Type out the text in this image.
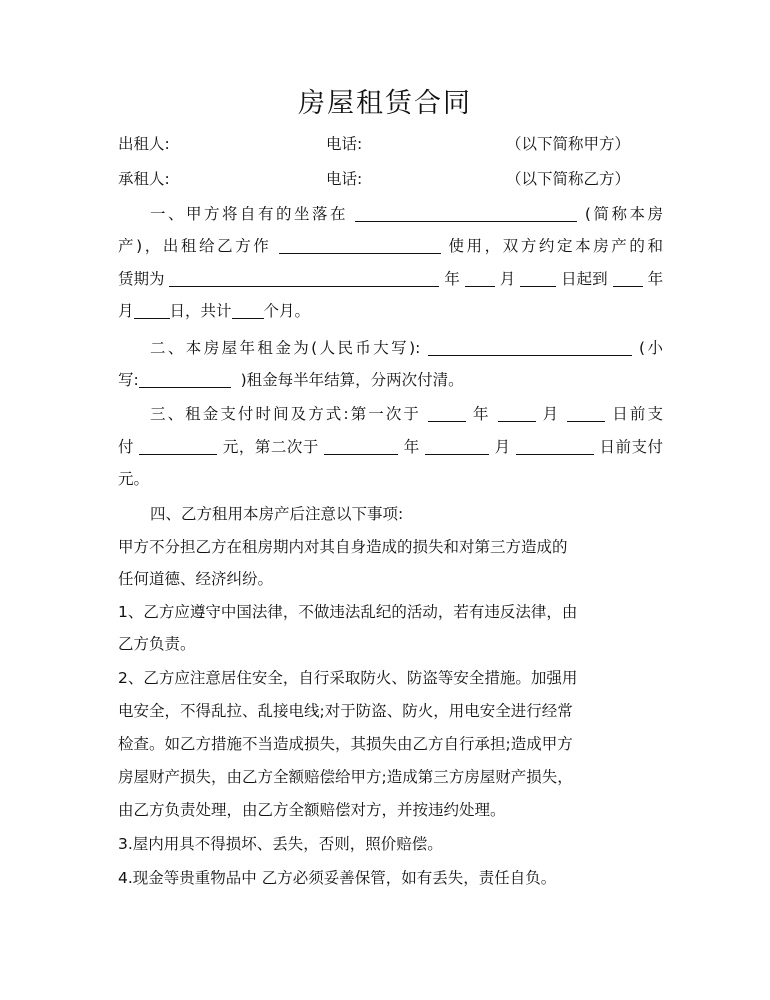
房屋租赁合同
出租人:	电话:	（以下简称甲方）
承租人:	电话:	（以下简称乙方）
一、甲方将自有的坐落在	(简称本房
产)，出租给乙方作	使用，双方约定本房产的和
赁期为	年	月	日起到	年
月 日，共计 个月。
二、本房屋年租金为(人民币大写):	(小
写:	)租金每半年结算，分两次付清。
三、租金支付时间及方式:第一次于	年	月	日前支
付	元，第二次于	年	月	日前支付
元。
四、乙方租用本房产后注意以下事项:
甲方不分担乙方在租房期内对其自身造成的损失和对第三方造成的
任何道德、经济纠纷。
1、乙方应遵守中国法律，不做违法乱纪的活动，若有违反法律，由
乙方负责。
2、乙方应注意居住安全，自行采取防火、防盗等安全措施。加强用
电安全，不得乱拉、乱接电线;对于防盗、防火，用电安全进行经常
检查。如乙方措施不当造成损失，其损失由乙方自行承担;造成甲方
房屋财产损失，由乙方全额赔偿给甲方;造成第三方房屋财产损失，
由乙方负责处理，由乙方全额赔偿对方，并按违约处理。
3.屋内用具不得损坏、丢失，否则，照价赔偿。
4.现金等贵重物品中 乙方必须妥善保管，如有丢失，责任自负。
